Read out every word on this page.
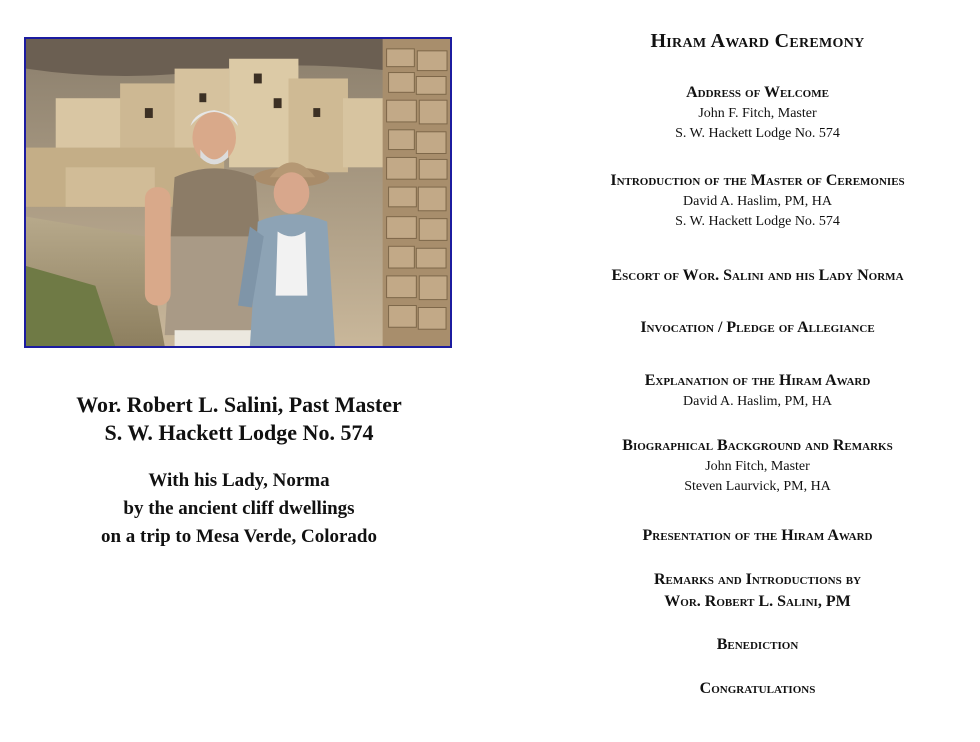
Wor. Robert L. Salini, Past Master
S. W. Hackett Lodge No. 574
With his Lady, Norma
by the ancient cliff dwellings
on a trip to Mesa Verde, Colorado
Hiram Award Ceremony
Address of Welcome
John F. Fitch, Master
S. W. Hackett Lodge No. 574
Introduction of the Master of Ceremonies
David A. Haslim, PM, HA
S. W. Hackett Lodge No. 574
Escort of Wor. Salini and his Lady Norma
Invocation / Pledge of Allegiance
Explanation of the Hiram Award
David A. Haslim, PM, HA
Biographical Background and Remarks
John Fitch, Master
Steven Laurvick, PM, HA
Presentation of the Hiram Award
Remarks and Introductions by
Wor. Robert L. Salini, PM
Benediction
Congratulations
